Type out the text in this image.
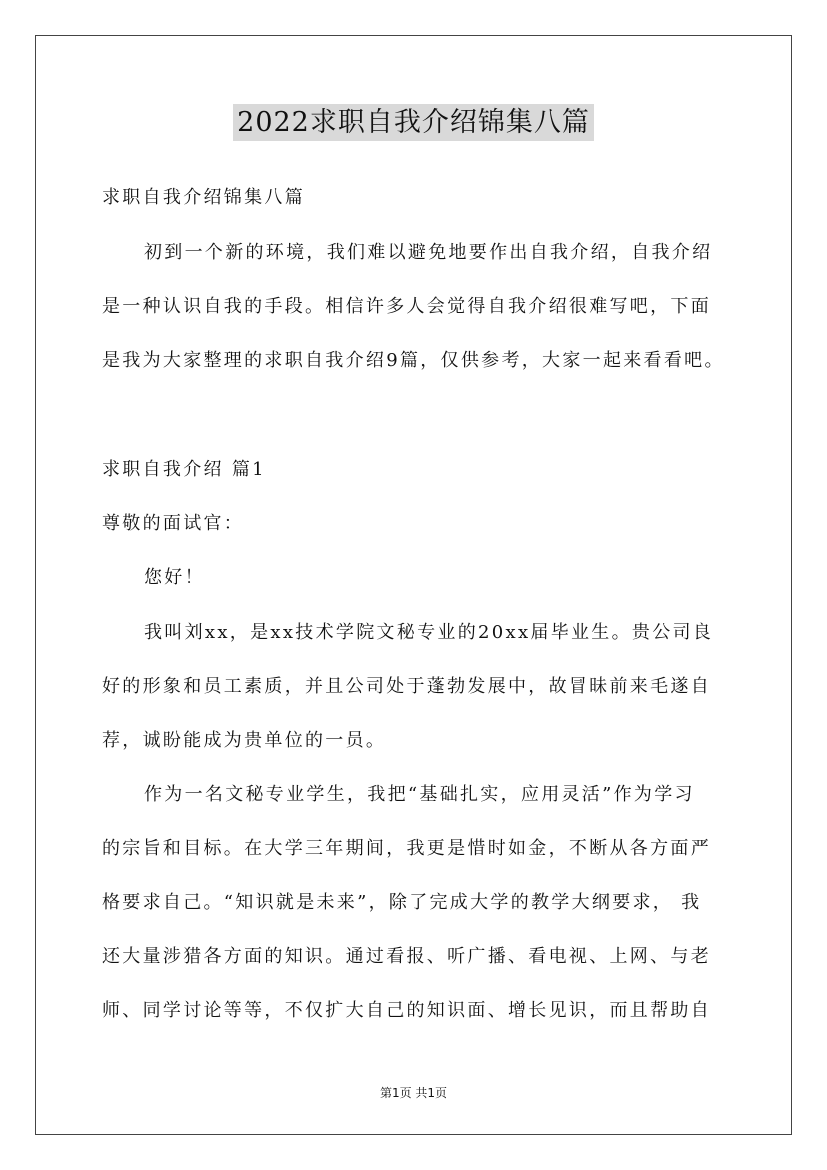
2022求职自我介绍锦集八篇
求职自我介绍锦集八篇
初到一个新的环境，我们难以避免地要作出自我介绍，自我介绍
是一种认识自我的手段。相信许多人会觉得自我介绍很难写吧，下面
是我为大家整理的求职自我介绍9篇，仅供参考，大家一起来看看吧。
求职自我介绍 篇1
尊敬的面试官：
您好！
我叫刘xx，是xx技术学院文秘专业的20xx届毕业生。贵公司良
好的形象和员工素质，并且公司处于蓬勃发展中，故冒昧前来毛遂自
荐，诚盼能成为贵单位的一员。
作为一名文秘专业学生，我把“基础扎实，应用灵活”作为学习
的宗旨和目标。在大学三年期间，我更是惜时如金，不断从各方面严
格要求自己。“知识就是未来”，除了完成大学的教学大纲要求， 我
还大量涉猎各方面的知识。通过看报、听广播、看电视、上网、与老
师、同学讨论等等，不仅扩大自己的知识面、增长见识，而且帮助自
第1页 共1页
